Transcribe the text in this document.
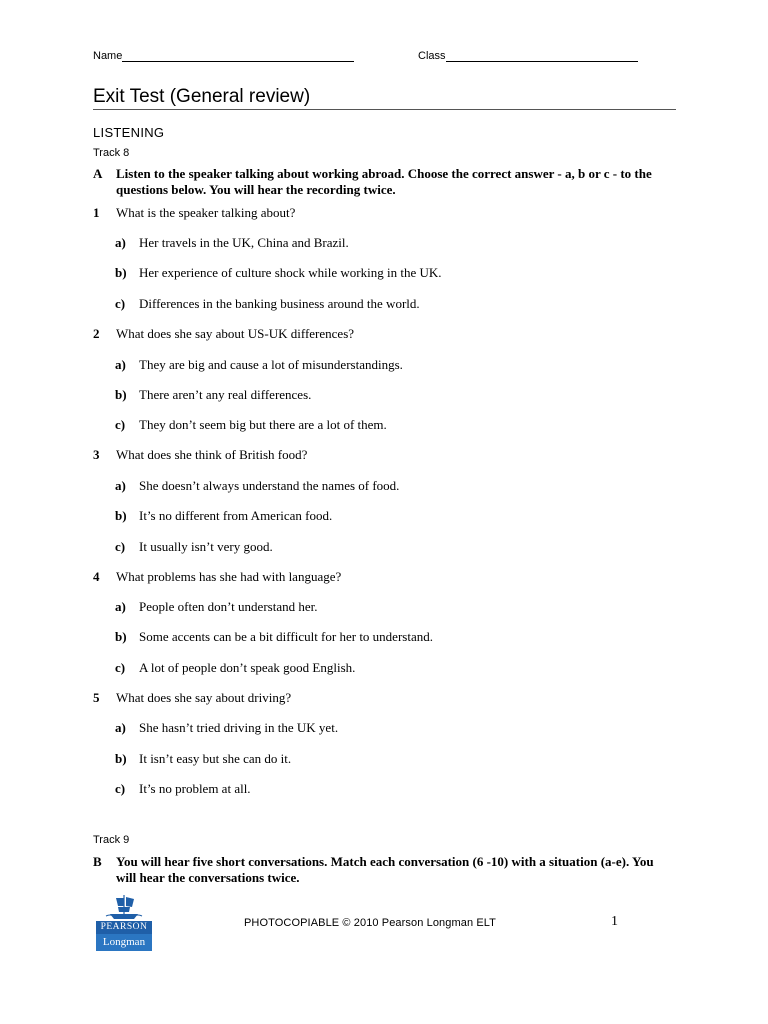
Name	Class
Exit Test (General review)
LISTENING
Track 8
A Listen to the speaker talking about working abroad. Choose the correct answer - a, b or c - to the questions below. You will hear the recording twice.
1 What is the speaker talking about?
a) Her travels in the UK, China and Brazil.
b) Her experience of culture shock while working in the UK.
c) Differences in the banking business around the world.
2 What does she say about US-UK differences?
a) They are big and cause a lot of misunderstandings.
b) There aren’t any real differences.
c) They don’t seem big but there are a lot of them.
3 What does she think of British food?
a) She doesn’t always understand the names of food.
b) It’s no different from American food.
c) It usually isn’t very good.
4 What problems has she had with language?
a) People often don’t understand her.
b) Some accents can be a bit difficult for her to understand.
c) A lot of people don’t speak good English.
5 What does she say about driving?
a) She hasn’t tried driving in the UK yet.
b) It isn’t easy but she can do it.
c) It’s no problem at all.
Track 9
B You will hear five short conversations. Match each conversation (6 -10) with a situation (a-e). You will hear the conversations twice.
PEARSON
Longman
PHOTOCOPIABLE © 2010 Pearson Longman ELT	1
